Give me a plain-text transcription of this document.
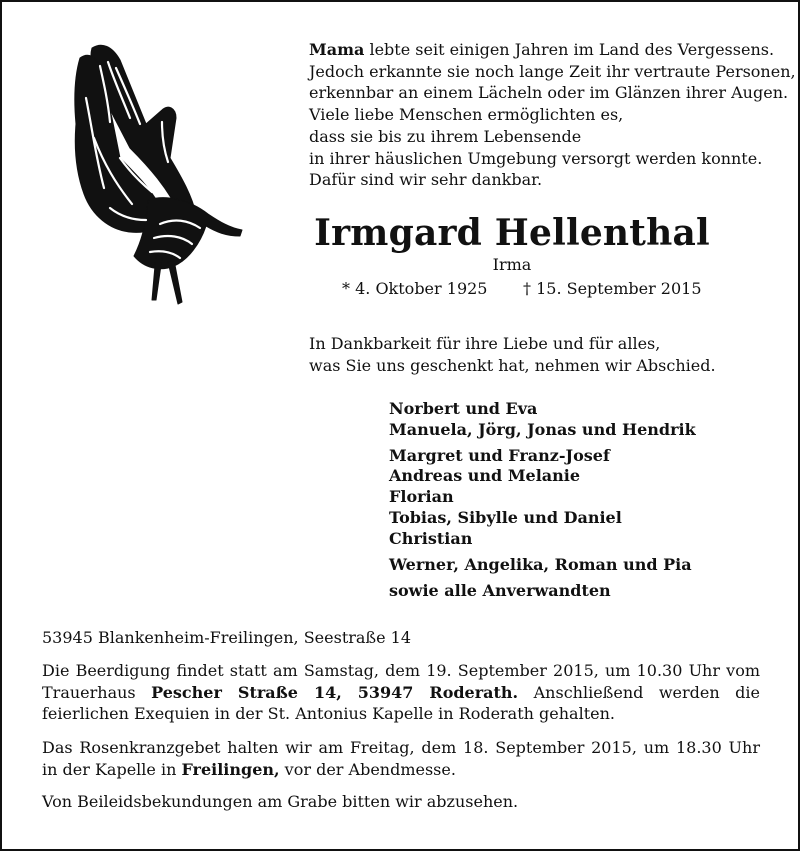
Mama lebte seit einigen Jahren im Land des Vergessens.
Jedoch erkannte sie noch lange Zeit ihr vertraute Personen,
erkennbar an einem Lächeln oder im Glänzen ihrer Augen.
Viele liebe Menschen ermöglichten es,
dass sie bis zu ihrem Lebensende
in ihrer häuslichen Umgebung versorgt werden konnte.
Dafür sind wir sehr dankbar.
Irmgard Hellenthal
Irma
* 4. Oktober 1925 † 15. September 2015
In Dankbarkeit für ihre Liebe und für alles,
was Sie uns geschenkt hat, nehmen wir Abschied.
Norbert und Eva
Manuela, Jörg, Jonas und Hendrik
Margret und Franz-Josef
Andreas und Melanie
Florian
Tobias, Sibylle und Daniel
Christian
Werner, Angelika, Roman und Pia
sowie alle Anverwandten
53945 Blankenheim-Freilingen, Seestraße 14
Die Beerdigung findet statt am Samstag, dem 19. September 2015, um 10.30 Uhr vom Trauerhaus Pescher Straße 14, 53947 Roderath. Anschließend werden die feierlichen Exequien in der St. Antonius Kapelle in Roderath gehalten.
Das Rosenkranzgebet halten wir am Freitag, dem 18. September 2015, um 18.30 Uhr in der Kapelle in Freilingen, vor der Abendmesse.
Von Beileidsbekundungen am Grabe bitten wir abzusehen.
